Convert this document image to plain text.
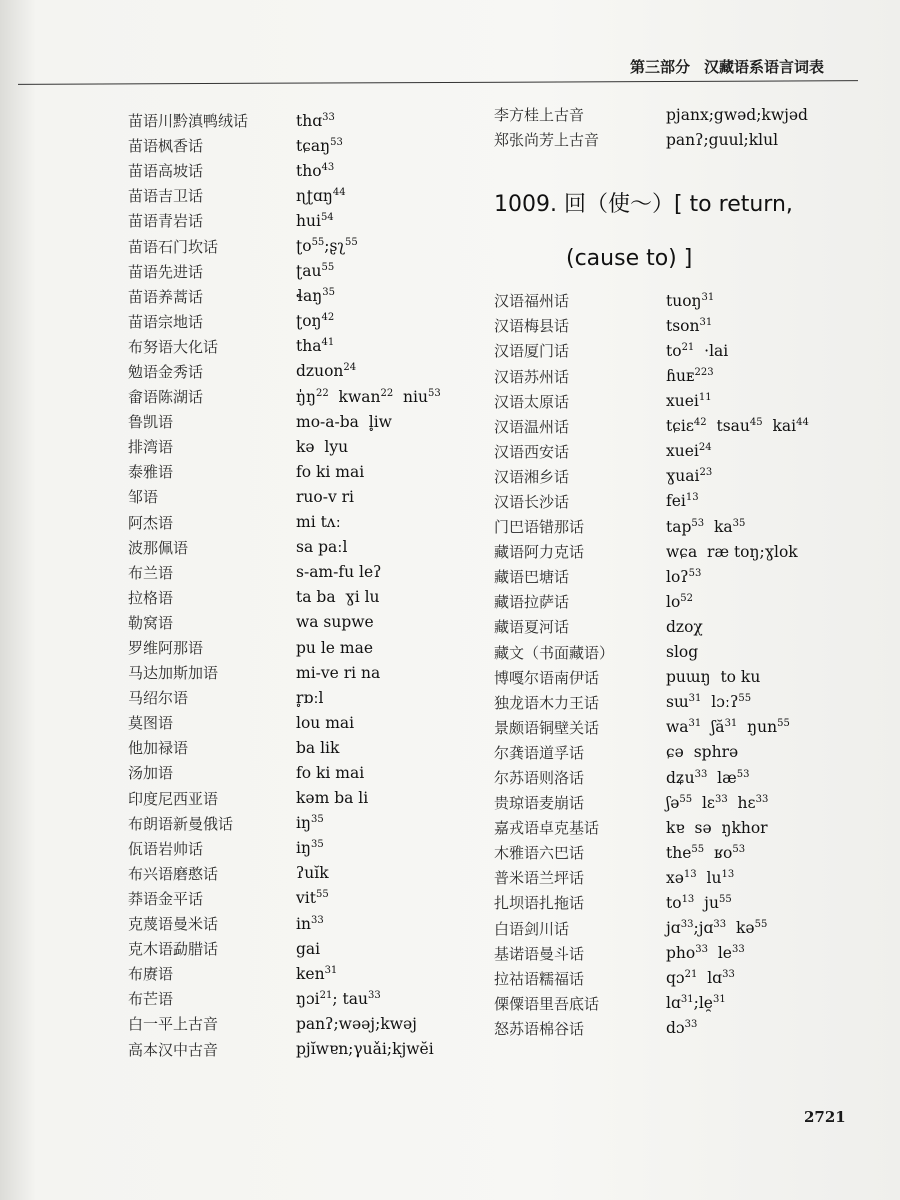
第三部分 汉藏语系语言词表
苗语川黔滇鸭绒话	thɑ$^{33}$
苗语枫香话	tɕaŋ$^{53}$
苗语高坡话	tho$^{43}$
苗语吉卫话	ɳʈɑŋ$^{44}$
苗语青岩话	hui$^{54}$
苗语石门坎话	ʈo$^{55}$;ʂʅ$^{55}$
苗语先进话	ʈau$^{55}$
苗语养蒿话	ɬaŋ$^{35}$
苗语宗地话	ʈoŋ$^{42}$
布努语大化话	tha$^{41}$
勉语金秀话	dzuon$^{24}$
畲语陈湖话	$ŋ̍ŋ^{22}$  kwan$^{22}$  niu$^{53}$
鲁凯语	mo-a-ba  l̥iw
排湾语	kə  lyu
泰雅语	fo ki mai
邹语	ruo-v ri
阿杰语	mi tʌː
波那佩语	sa paːl
布兰语	s-am-fu leʔ
拉格语	ta ba  ɣi lu
勒窝语	wa supwe
罗维阿那语	pu le mae
马达加斯加语	mi-ve ri na
马绍尔语	r̥ɒːl
莫图语	lou mai
他加禄语	ba lik
汤加语	fo ki mai
印度尼西亚语	kəm ba li
布朗语新曼俄话	$iŋ^{35}$
佤语岩帅话	$iŋ^{35}$
布兴语磨憨话	ʔuĭk
莽语金平话	vit$^{55}$
克蔑语曼米话	$in^{33}$
克木语勐腊话	gai
布赓语	ken$^{31}$
布芒语	ŋɔi$^{21}$; tau$^{33}$
白一平上古音	panʔ;wəəj;kwəj
高本汉中古音	pjĭwɐn;γuǎi;kjwĕi
李方桂上古音	pjanx;gwəd;kwjəd
郑张尚芳上古音	panʔ;guul;klul
1009. 回（使～）[ to return,
(cause to) ]
汉语福州话	tuoŋ$^{31}$
汉语梅县话	tson$^{31}$
汉语厦门话	$to^{21} \cdot lai$
汉语苏州话	ɦuᴇ$^{223}$
汉语太原话	xuei$^{11}$
汉语温州话	tɕiɛ$^{42}$  tsau$^{45}$  kai$^{44}$
汉语西安话	xuei$^{24}$
汉语湘乡话	ɣuai$^{23}$
汉语长沙话	fei$^{13}$
门巴语错那话	tap$^{53}$  $ka^{35}$
藏语阿力克话	wɕa  ræ toŋ;ɣlok
藏语巴塘话	loʔ$^{53}$
藏语拉萨话	$lo^{52}$
藏语夏河话	dzoχ
藏文（书面藏语）	slog
博嘎尔语南伊话	puɯŋ  to ku
独龙语木力王话	sɯ$^{31}$  lɔːʔ$^{55}$
景颇语铜壁关话	$wa^{31}$  ʃă$^{31}$  ŋun$^{55}$
尔龚语道孚话	ɕə  sphrə
尔苏语则洛话	dʑu$^{33}$  $læ^{53}$
贵琼语麦崩话	ʃə$^{55}$  lɛ$^{33}$  hɛ$^{33}$
嘉戎语卓克基话	kɐ  sə  ŋkhor
木雅语六巴话	the$^{55}$  ʁo$^{53}$
普米语兰坪话	xə$^{13}$  $lu^{13}$
扎坝语扎拖话	$to^{13}$  $ju^{55}$
白语剑川话	jɑ$^{33}$;jɑ$^{33}$  kə$^{55}$
基诺语曼斗话	pho$^{33}$  $le^{33}$
拉祜语糯福话	qɔ$^{21}$  lɑ$^{33}$
傈僳语里吾底话	lɑ$^{31}$;le̯$^{31}$
怒苏语棉谷话	dɔ$^{33}$
2721
